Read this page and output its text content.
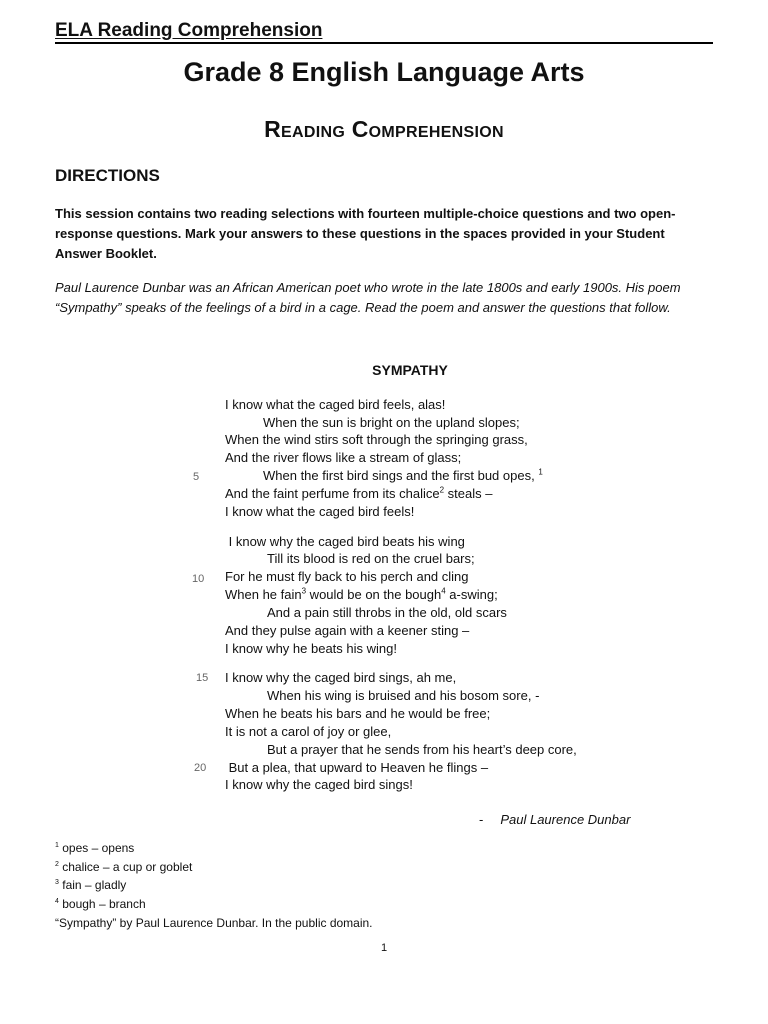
ELA Reading Comprehension
Grade 8 English Language Arts
Reading Comprehension
DIRECTIONS

This session contains two reading selections with fourteen multiple-choice questions and two open-response questions. Mark your answers to these questions in the spaces provided in your Student Answer Booklet.

Paul Laurence Dunbar was an African American poet who wrote in the late 1800s and early 1900s. His poem “Sympathy” speaks of the feelings of a bird in a cage. Read the poem and answer the questions that follow.

SYMPATHY
I know what the caged bird feels, alas!
When the sun is bright on the upland slopes;
When the wind stirs soft through the springing grass,
And the river flows like a stream of glass;
5	When the first bird sings and the first bud opes, $^1$
And the faint perfume from its chalice$^2$ steals –
I know what the caged bird feels!
I know why the caged bird beats his wing
Till its blood is red on the cruel bars;
10 For he must fly back to his perch and cling
When he fain$^3$ would be on the bough$^4$ a-swing;
And a pain still throbs in the old, old scars
And they pulse again with a keener sting –
I know why he beats his wing!
15 I know why the caged bird sings, ah me,
When his wing is bruised and his bosom sore, -
When he beats his bars and he would be free;
It is not a carol of joy or glee,
But a prayer that he sends from his heart’s deep core,
20 But a plea, that upward to Heaven he flings –
I know why the caged bird sings!
- Paul Laurence Dunbar
$^1$ opes – opens
$^2$ chalice – a cup or goblet
$^3$ fain – gladly
$^4$ bough – branch
“Sympathy” by Paul Laurence Dunbar. In the public domain.
1
